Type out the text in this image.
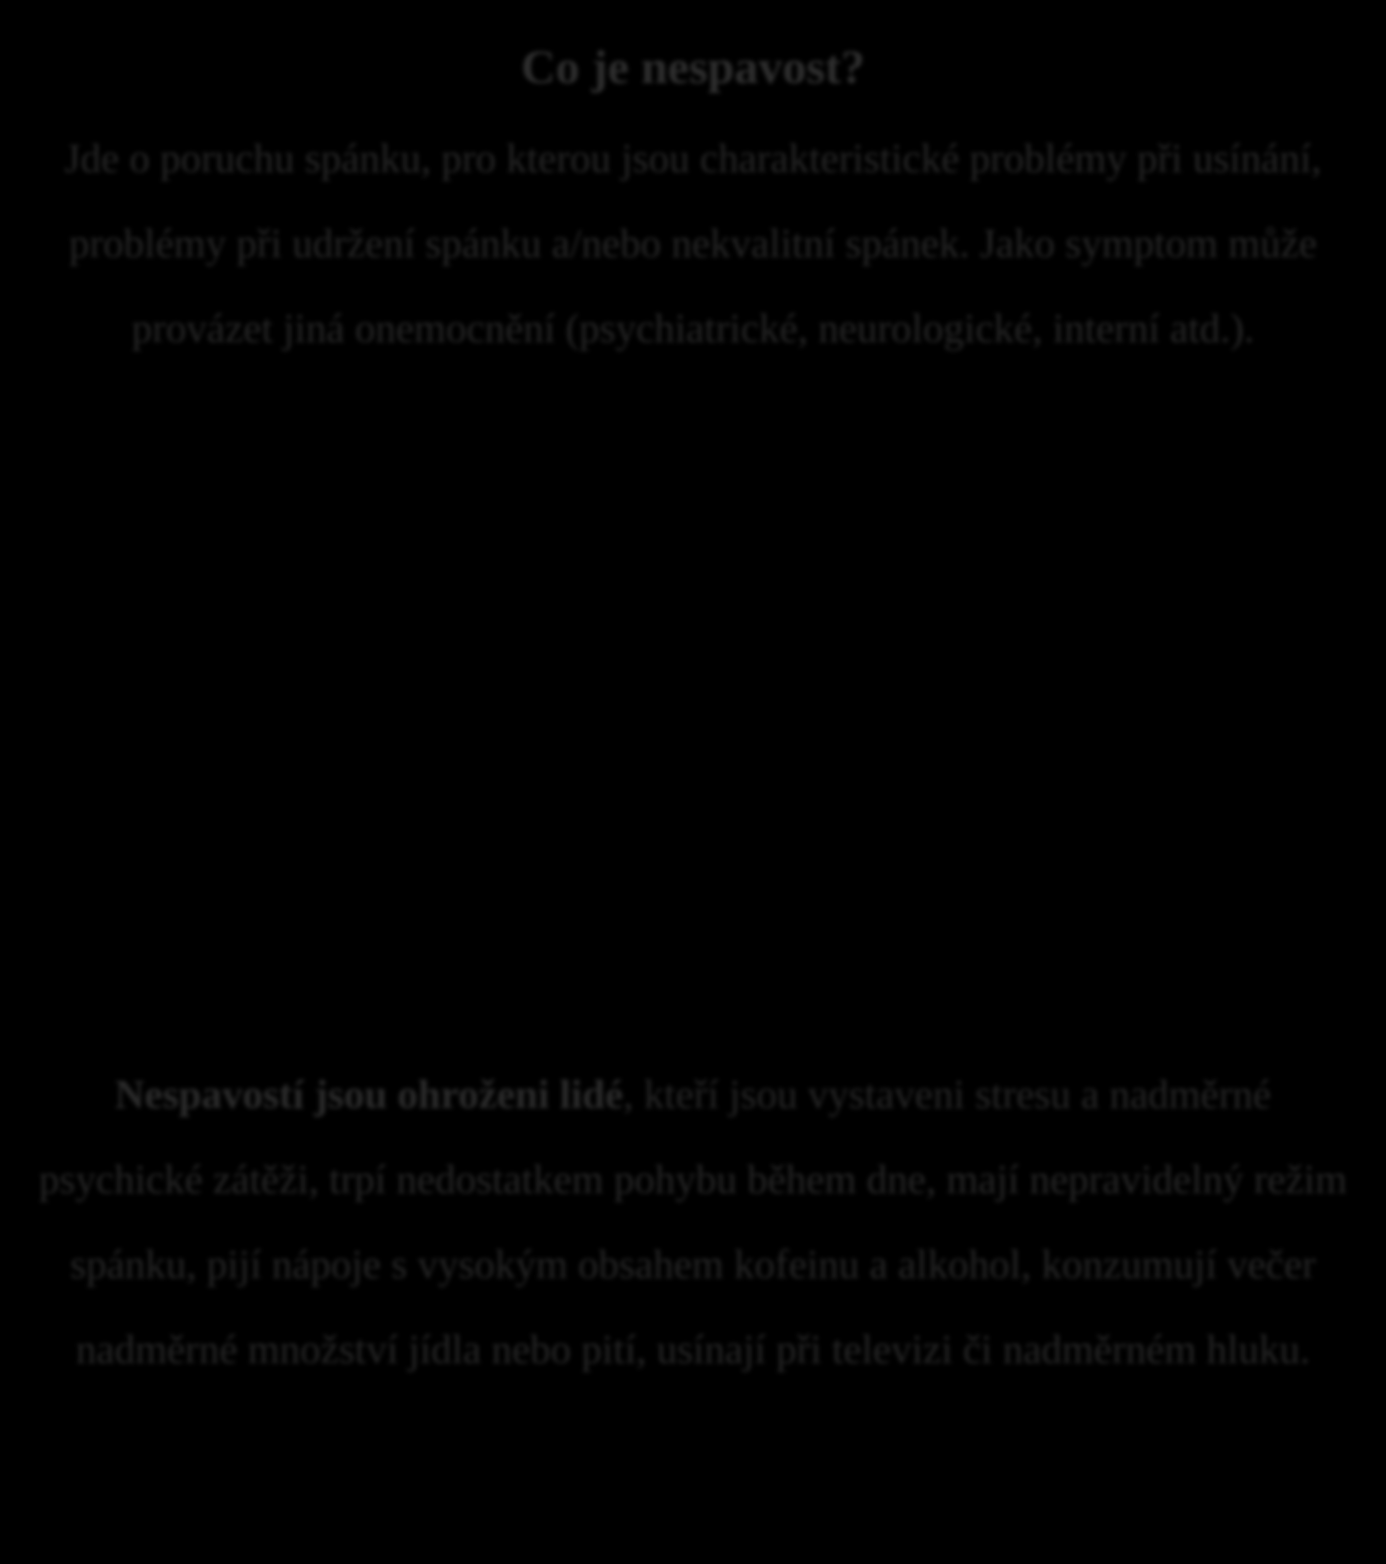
Co je nespavost?

Jde o poruchu spánku, pro kterou jsou charakteristické problémy při usínání, problémy při udržení spánku a/nebo nekvalitní spánek. Jako symptom může provázet jiná onemocnění (psychiatrické, neurologické, interní atd.).

Nespavostí jsou ohroženi lidé, kteří jsou vystaveni stresu a nadměrné psychické zátěži, trpí nedostatkem pohybu během dne, mají nepravidelný režim spánku, pijí nápoje s vysokým obsahem kofeinu a alkohol, konzumují večer nadměrné množství jídla nebo pití, usínají při televizi či nadměrném hluku.
